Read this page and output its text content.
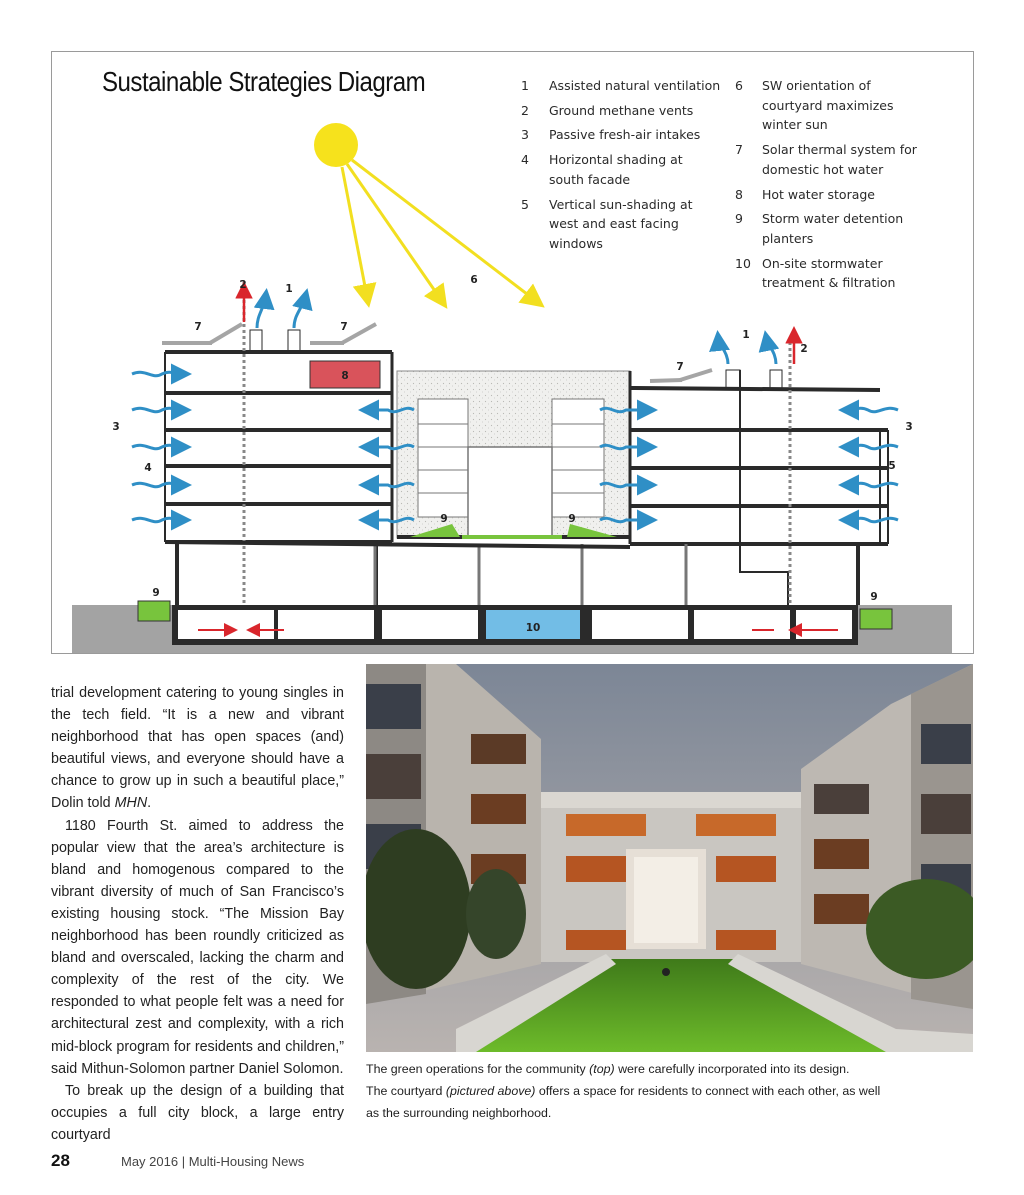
Sustainable Strategies Diagram	1	Assisted natural ventilation
2	Ground methane vents
3	Passive fresh-air intakes
4	Horizontal shading at south facade
5	Vertical sun-shading at west and east facing windows
6	SW orientation of courtyard maximizes winter sun
7	Solar thermal system for domestic hot water
8	Hot water storage
9	Storm water detention planters
10 On-site stormwater treatment & filtration
10
9	9
8
9	9
6
7	7
7
2
2
1
1
3	3
4	5

trial development catering to young singles in the tech field. “It is a new and vibrant neighborhood that has open spaces (and) beautiful views, and everyone should have a chance to grow up in such a beautiful place,” Dolin told MHN.

1180 Fourth St. aimed to address the popular view that the area’s architecture is bland and homogenous compared to the vibrant diversity of much of San Francisco’s existing housing stock. “The Mission Bay neighborhood has been roundly criticized as bland and overscaled, lacking the charm and complexity of the rest of the city. We responded to what people felt was a need for architectural zest and complexity, with a rich mid-block program for residents and children,” said Mithun-Solomon partner Daniel Solomon.

To break up the design of a building that occupies a full city block, a large entry courtyard

The green operations for the community (top) were carefully incorporated into its design.

The courtyard (pictured above) offers a space for residents to connect with each other, as well

as the surrounding neighborhood.

28	May 2016 | Multi-Housing News
